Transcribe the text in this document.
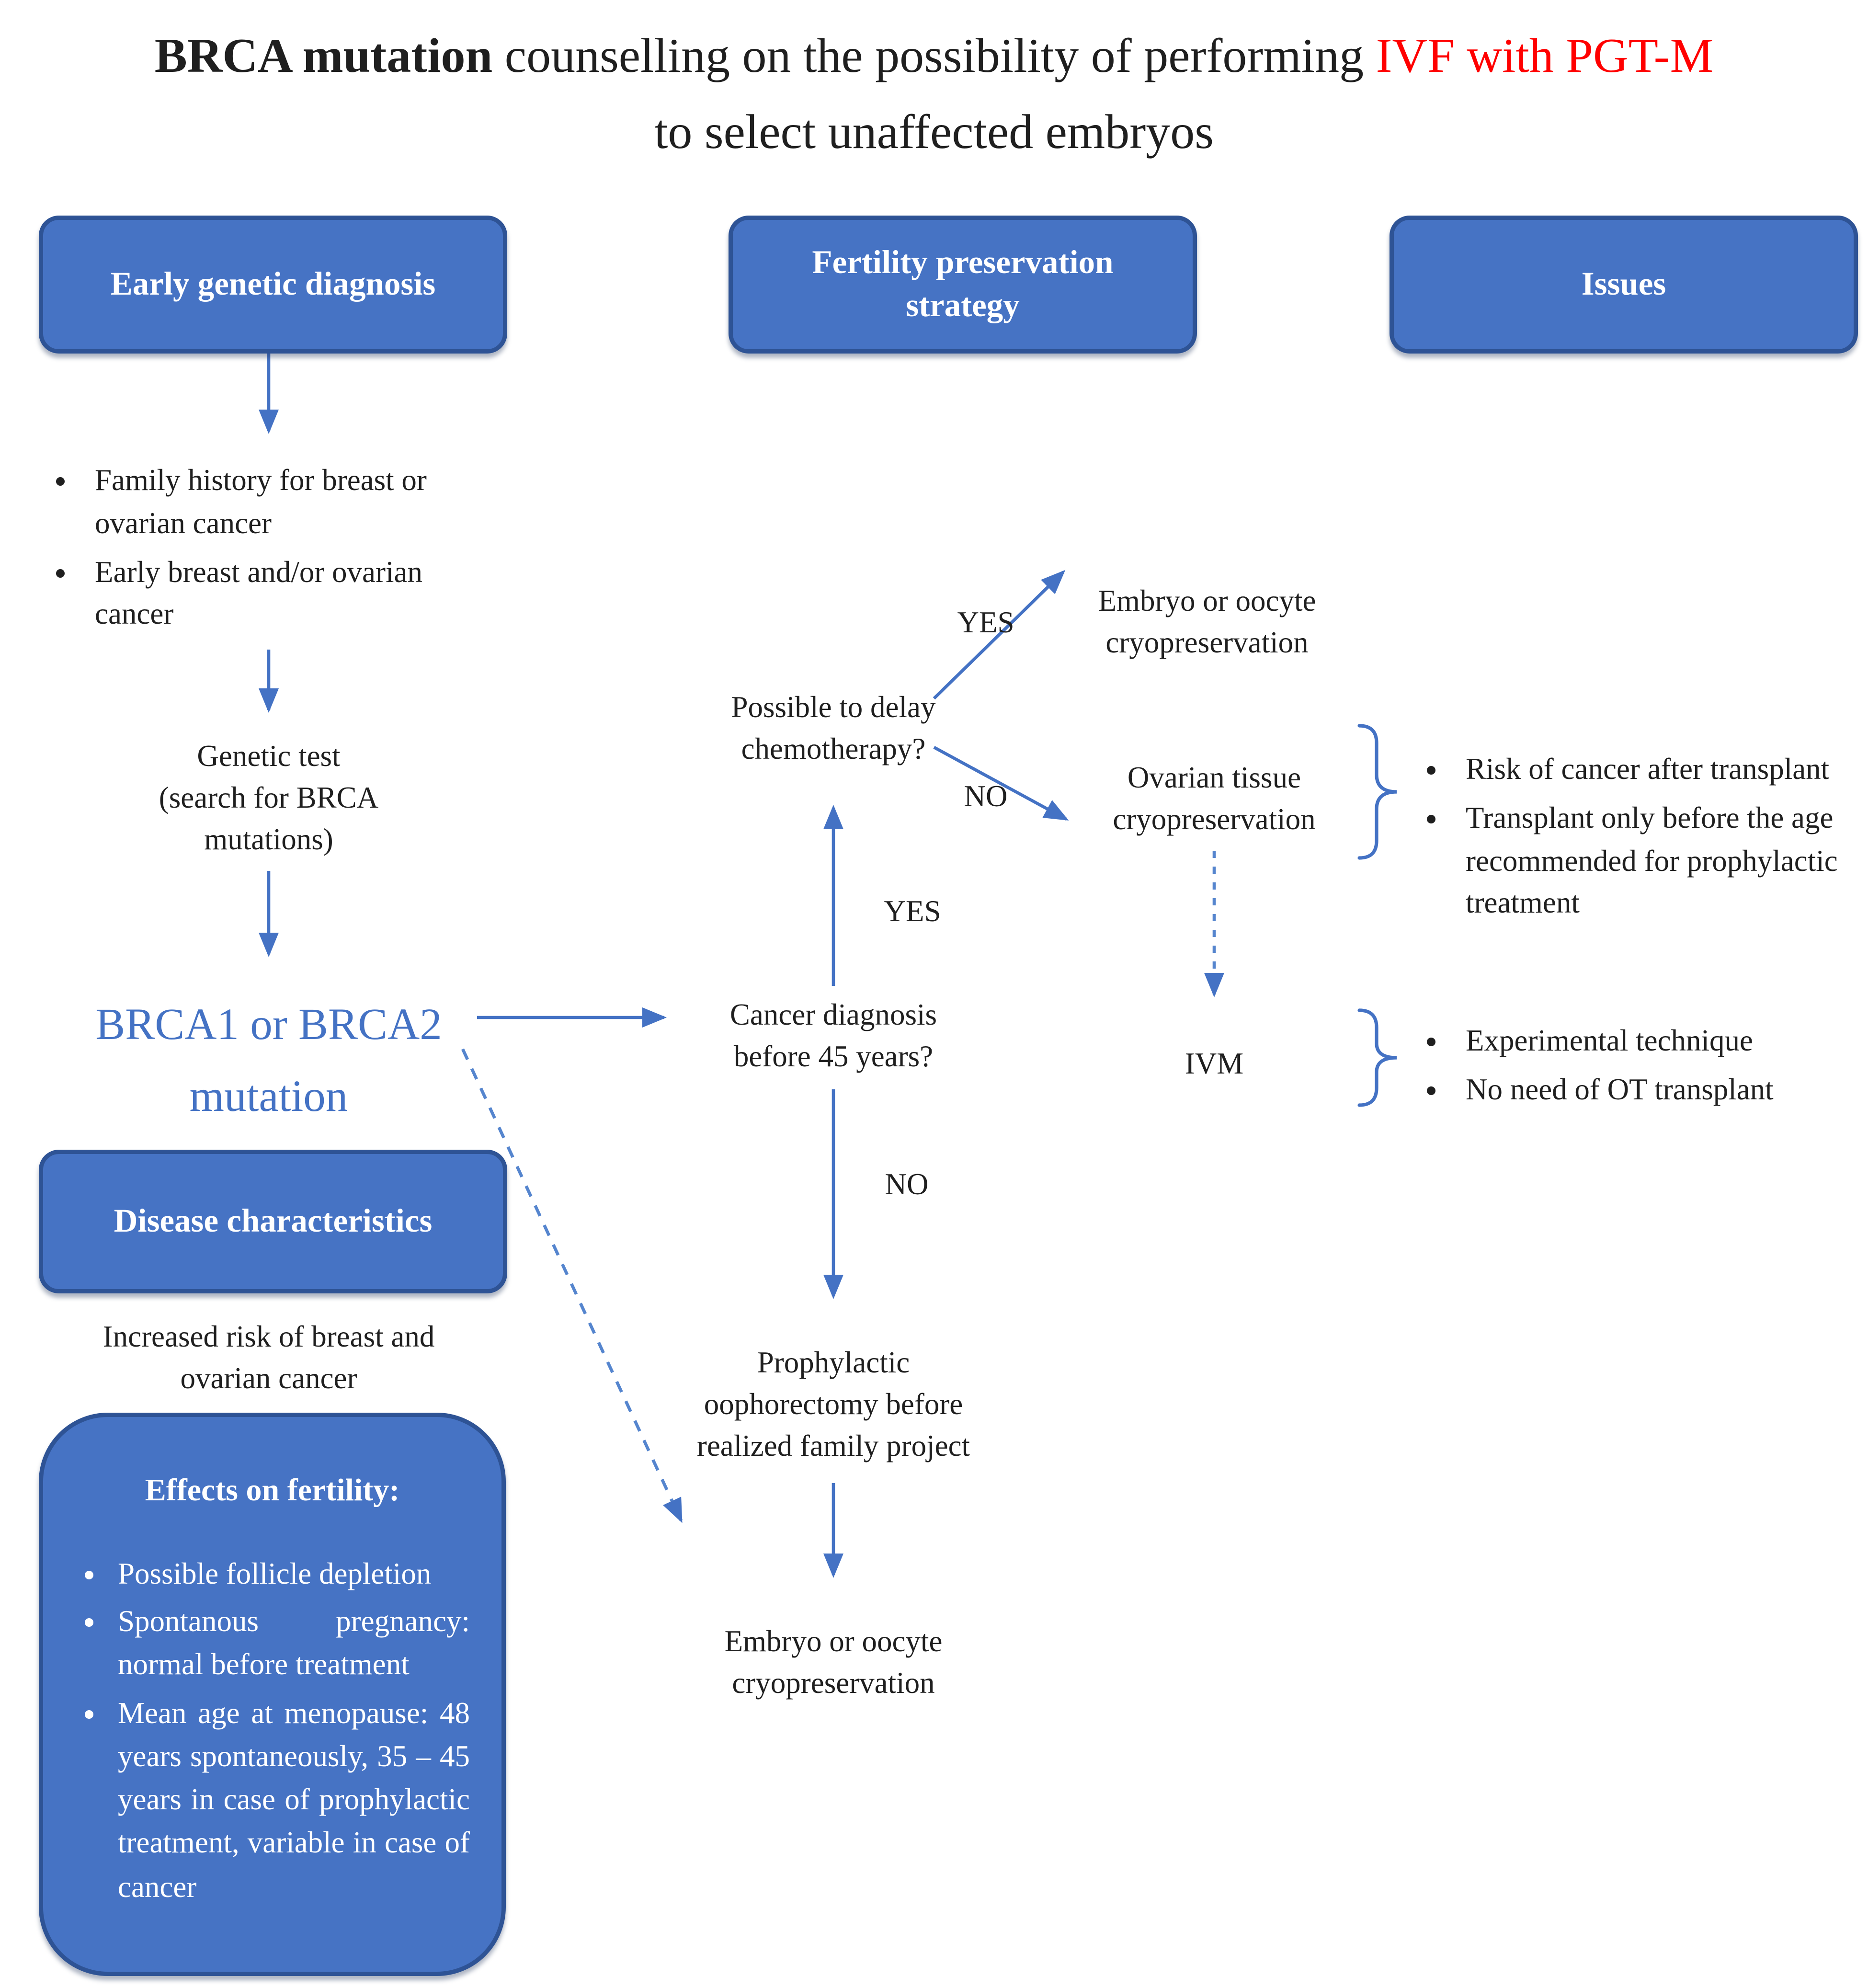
BRCA mutation counselling on the possibility of performing IVF with PGT-M
to select unaffected embryos
Early genetic diagnosis
Fertility preservation strategy
Issues
• Family history for breast or ovarian cancer
• Early breast and/or ovarian cancer
Genetic test
(search for BRCA
mutations)
BRCA1 or BRCA2
mutation
Disease characteristics
Increased risk of breast and
ovarian cancer
Effects on fertility:
• Possible follicle depletion
• Spontanous pregnancy: normal before treatment
• Mean age at menopause: 48 years spontaneously, 35 – 45 years in case of prophylactic treatment, variable in case of cancer
Possible to delay
chemotherapy?
YES
NO
Embryo or oocyte
cryopreservation
Ovarian tissue
cryopreservation
YES
Cancer diagnosis
before 45 years?
NO
IVM
Prophylactic
oophorectomy before
realized family project
Embryo or oocyte
cryopreservation
• Risk of cancer after transplant
• Transplant only before the age recommended for prophylactic treatment
• Experimental technique
• No need of OT transplant
